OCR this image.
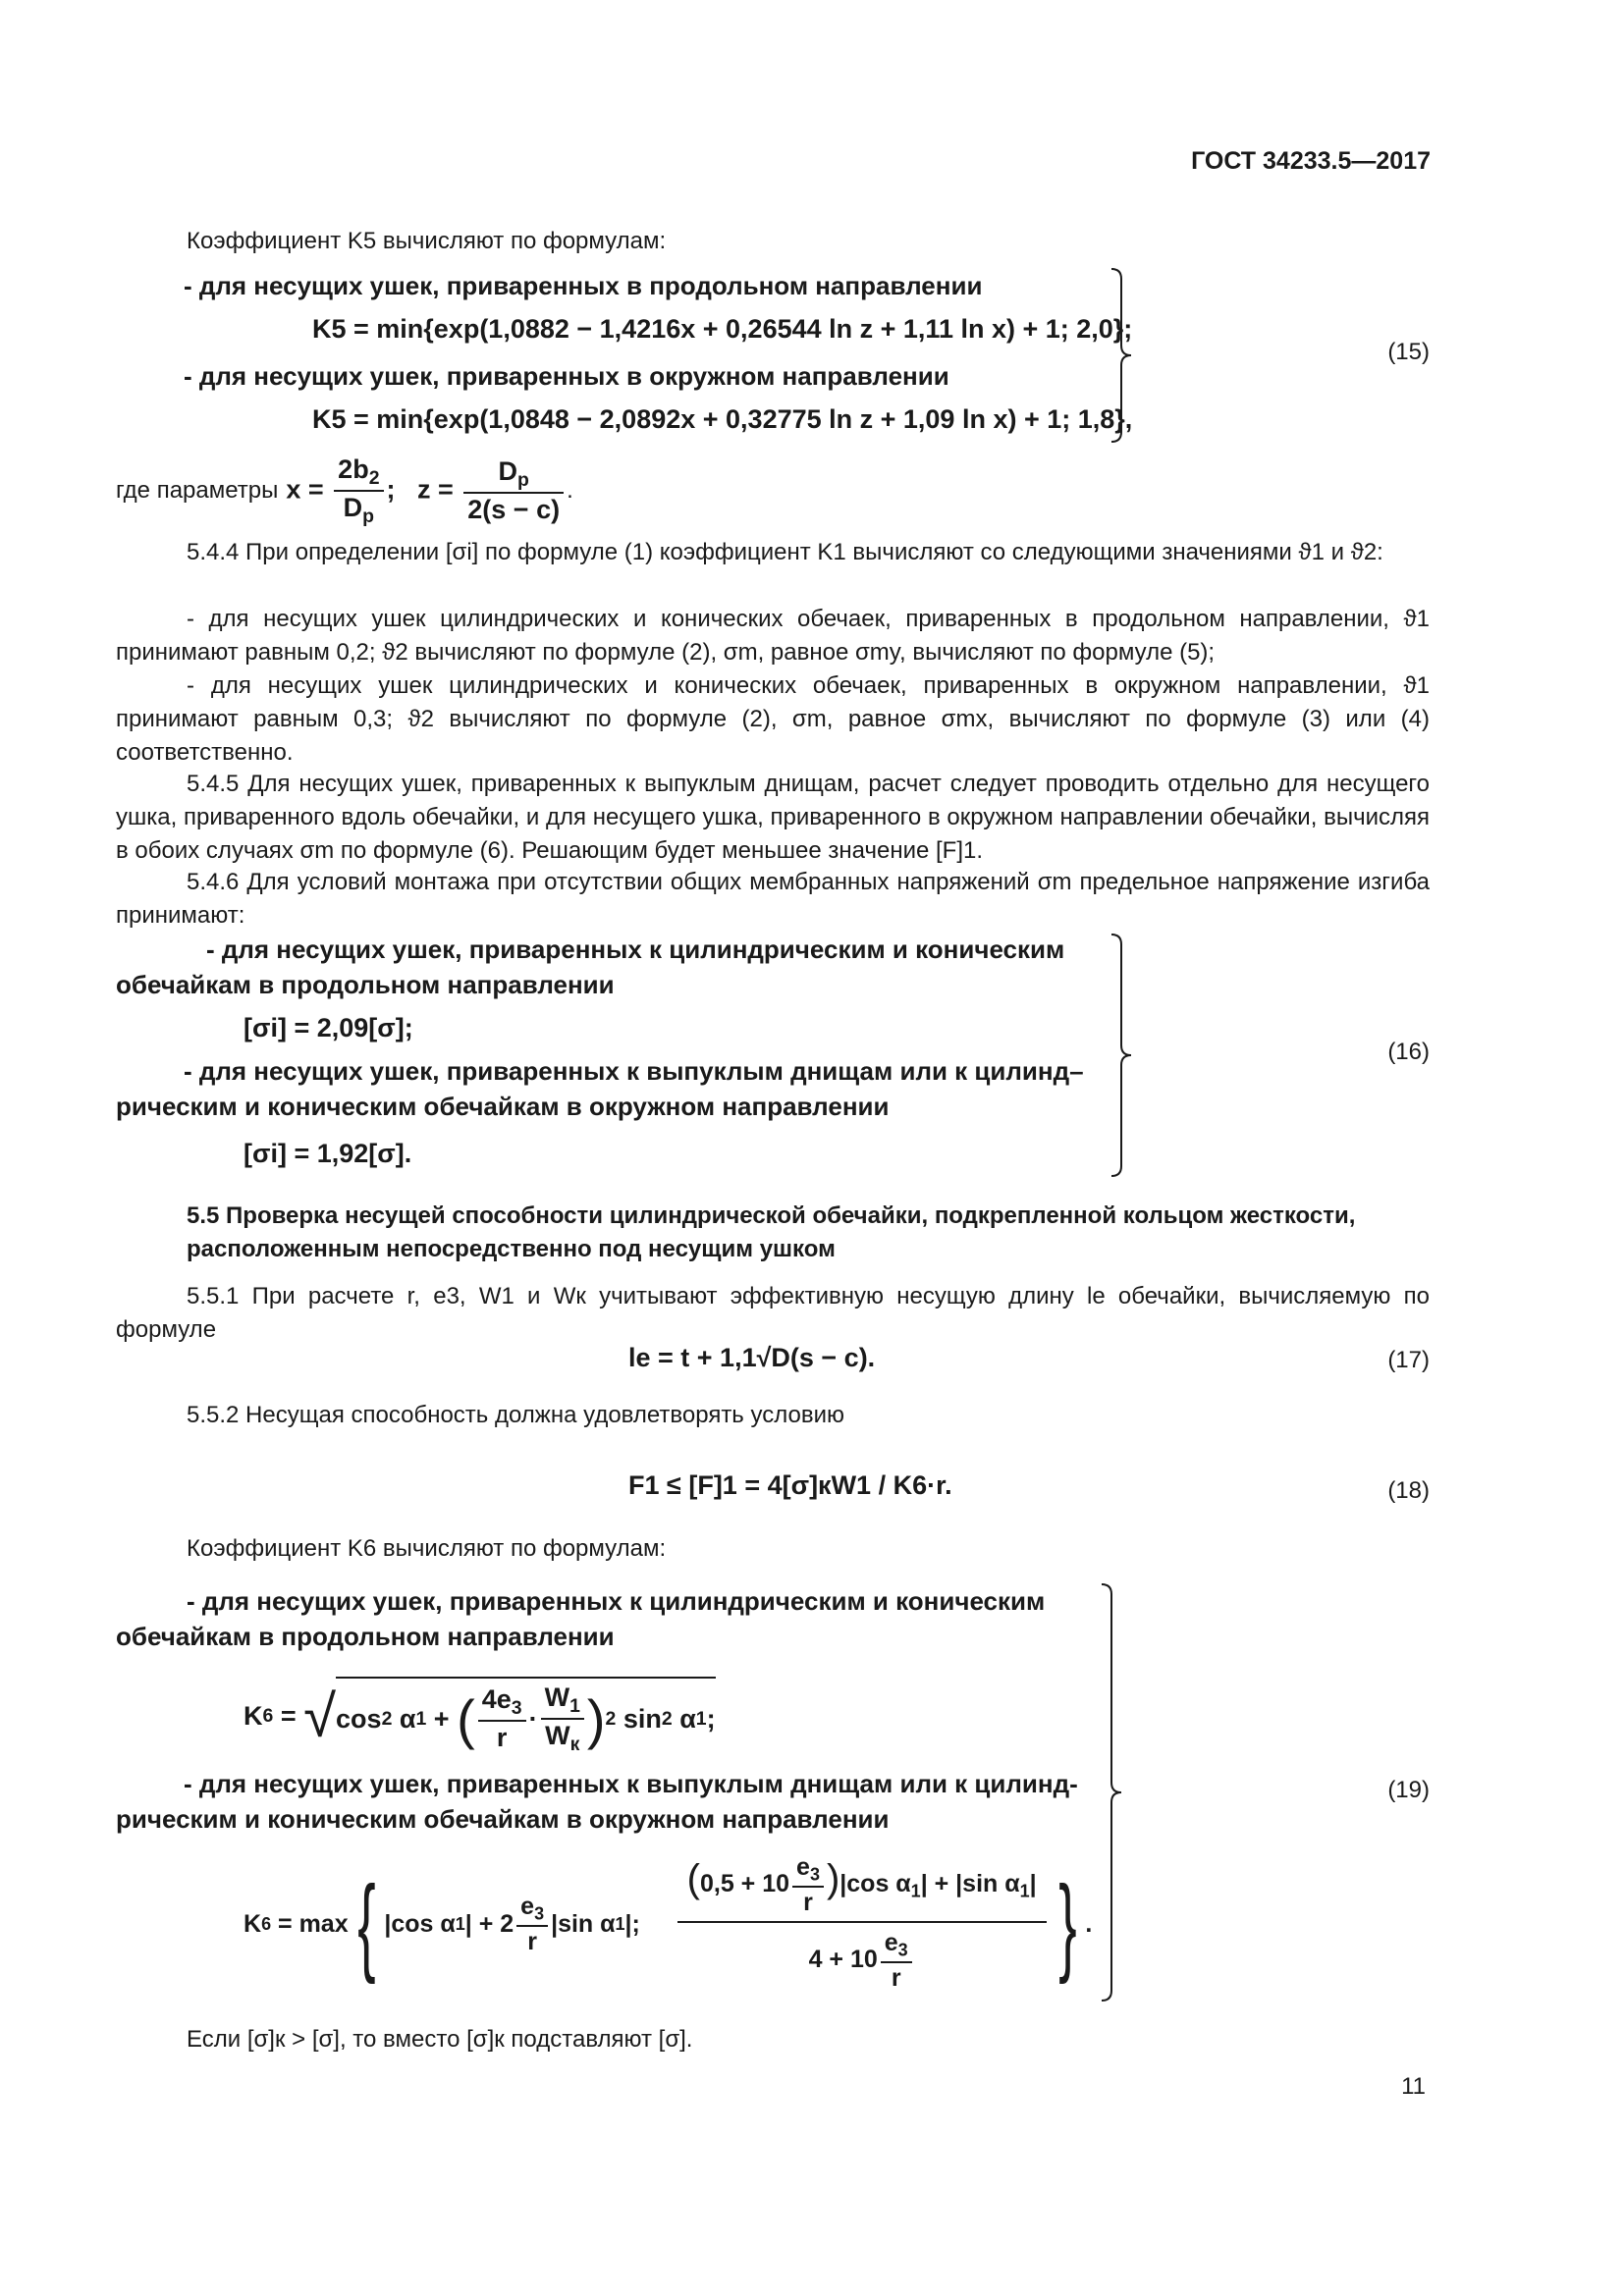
ГОСТ 34233.5—2017
Коэффициент K5 вычисляют по формулам:
- для несущих ушек, приваренных в продольном направлении
K5 = min{exp(1,0882 − 1,4216x + 0,26544 ln z + 1,11 ln x) + 1; 2,0};
- для несущих ушек, приваренных в окружном направлении
K5 = min{exp(1,0848 − 2,0892x + 0,32775 ln z + 1,09 ln x) + 1; 1,8},
(15)
где параметры $x = \frac{2b_2}{D_р}$ ;   $z = \frac{D_р}{2(s - c)}$ .
5.4.4 При определении [σi] по формуле (1) коэффициент K1 вычисляют со следующими значениями ϑ1 и ϑ2:
- для несущих ушек цилиндрических и конических обечаек, приваренных в продольном направлении, ϑ1 принимают равным 0,2; ϑ2 вычисляют по формуле (2), σm, равное σmy, вычисляют по формуле (5);
- для несущих ушек цилиндрических и конических обечаек, приваренных в окружном направлении, ϑ1 принимают равным 0,3; ϑ2 вычисляют по формуле (2), σm, равное σmx, вычисляют по формуле (3) или (4) соответственно.
5.4.5 Для несущих ушек, приваренных к выпуклым днищам, расчет следует проводить отдельно для несущего ушка, приваренного вдоль обечайки, и для несущего ушка, приваренного в окружном направлении обечайки, вычисляя в обоих случаях σm по формуле (6). Решающим будет меньшее значение [F]1.
5.4.6 Для условий монтажа при отсутствии общих мембранных напряжений σm предельное напряжение изгиба принимают:
- для несущих ушек, приваренных к цилиндрическим и коническим
обечайкам в продольном направлении
[σi] = 2,09[σ];
- для несущих ушек, приваренных к выпуклым днищам или к цилинд–
рическим и коническим обечайкам в окружном направлении
[σi] = 1,92[σ].
(16)
5.5 Проверка несущей способности цилиндрической обечайки, подкрепленной кольцом жесткости, расположенным непосредственно под несущим ушком
5.5.1 При расчете r, e3, W1 и Wк учитывают эффективную несущую длину le обечайки, вычисляемую по формуле
le = t + 1,1√D(s − c).	(17)
5.5.2 Несущая способность должна удовлетворять условию
F1 ≤ [F]1 = 4[σ]кW1 / K6·r.	(18)
Коэффициент K6 вычисляют по формулам:
- для несущих ушек, приваренных к цилиндрическим и коническим
обечайкам в продольном направлении
K 6 = √ cos 2 α 1 + ( $\frac{4e_3}{r} \cdot \frac{W_1}{W_к}$ ) 2 sin 2 α 1 ;
- для несущих ушек, приваренных к выпуклым днищам или к цилинд-
рическим и коническим обечайкам в окружном направлении
K 6 = max { |cos α 1 | + $2 \frac{e_3}{r} |\sin$ α 1 |; $\frac{(0,5 + 10 \frac{e_3}{r} )|\cos \alpha_1| + |\sin \alpha_1|}{4 + 10 \frac{e_3}{r}}$ } .
(19)
Если [σ]к > [σ], то вместо [σ]к подставляют [σ].
11
